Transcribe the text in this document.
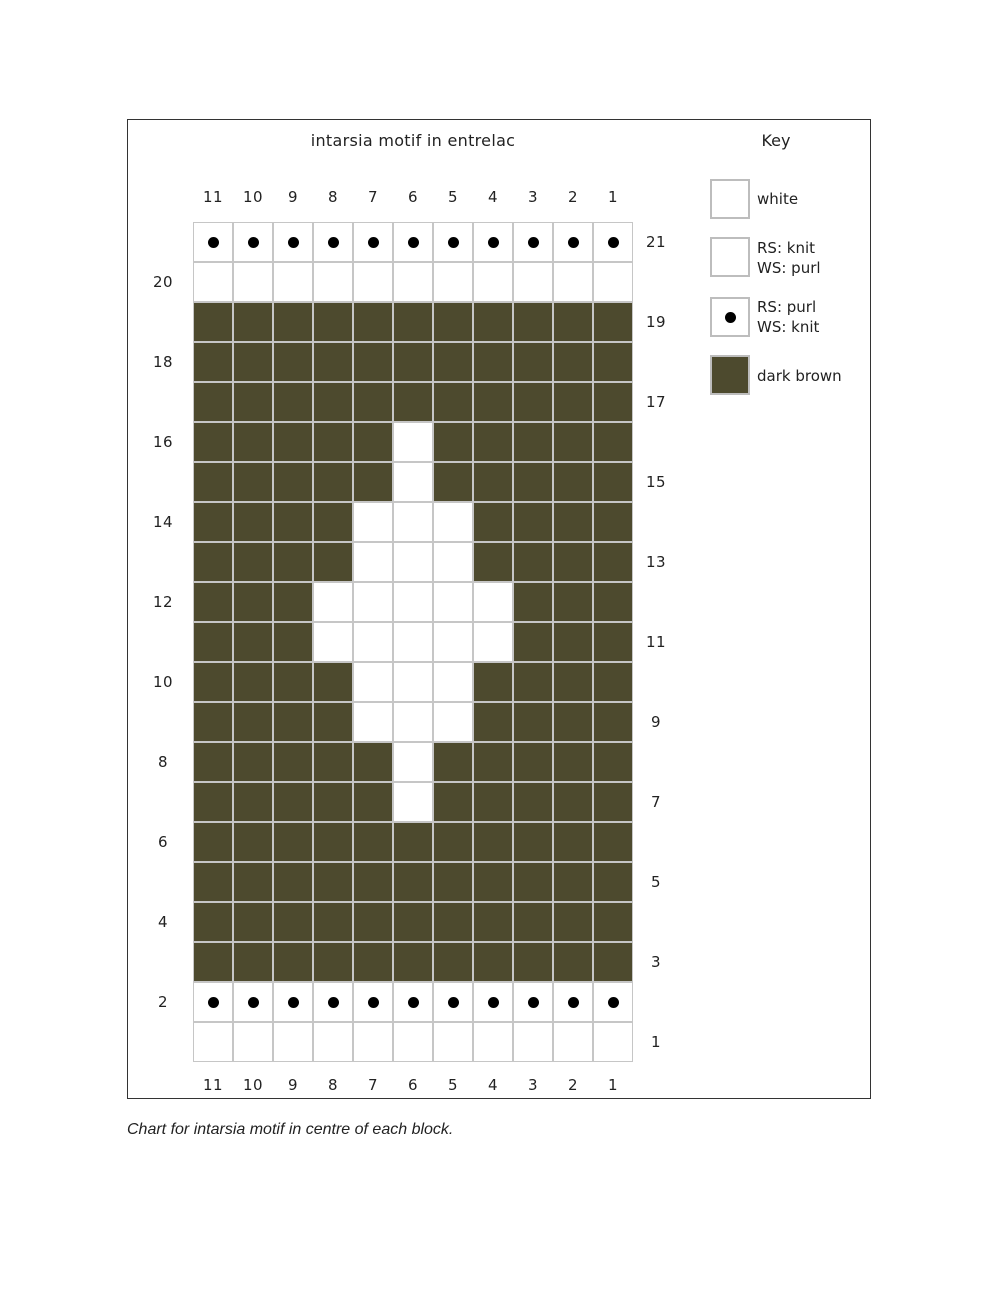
intarsia motif in entrelac	Key
11	10	9	8	7	6	5	4	3	2	1
11	10	9	8	7	6	5	4	3	2	1
21
19
17
15
13
11
9
7
5
3
1
20
18
16
14
12
10
8
6
4
2
white
RS: knit
WS: purl
RS: purl
WS: knit
dark brown
Chart for intarsia motif in centre of each block.
